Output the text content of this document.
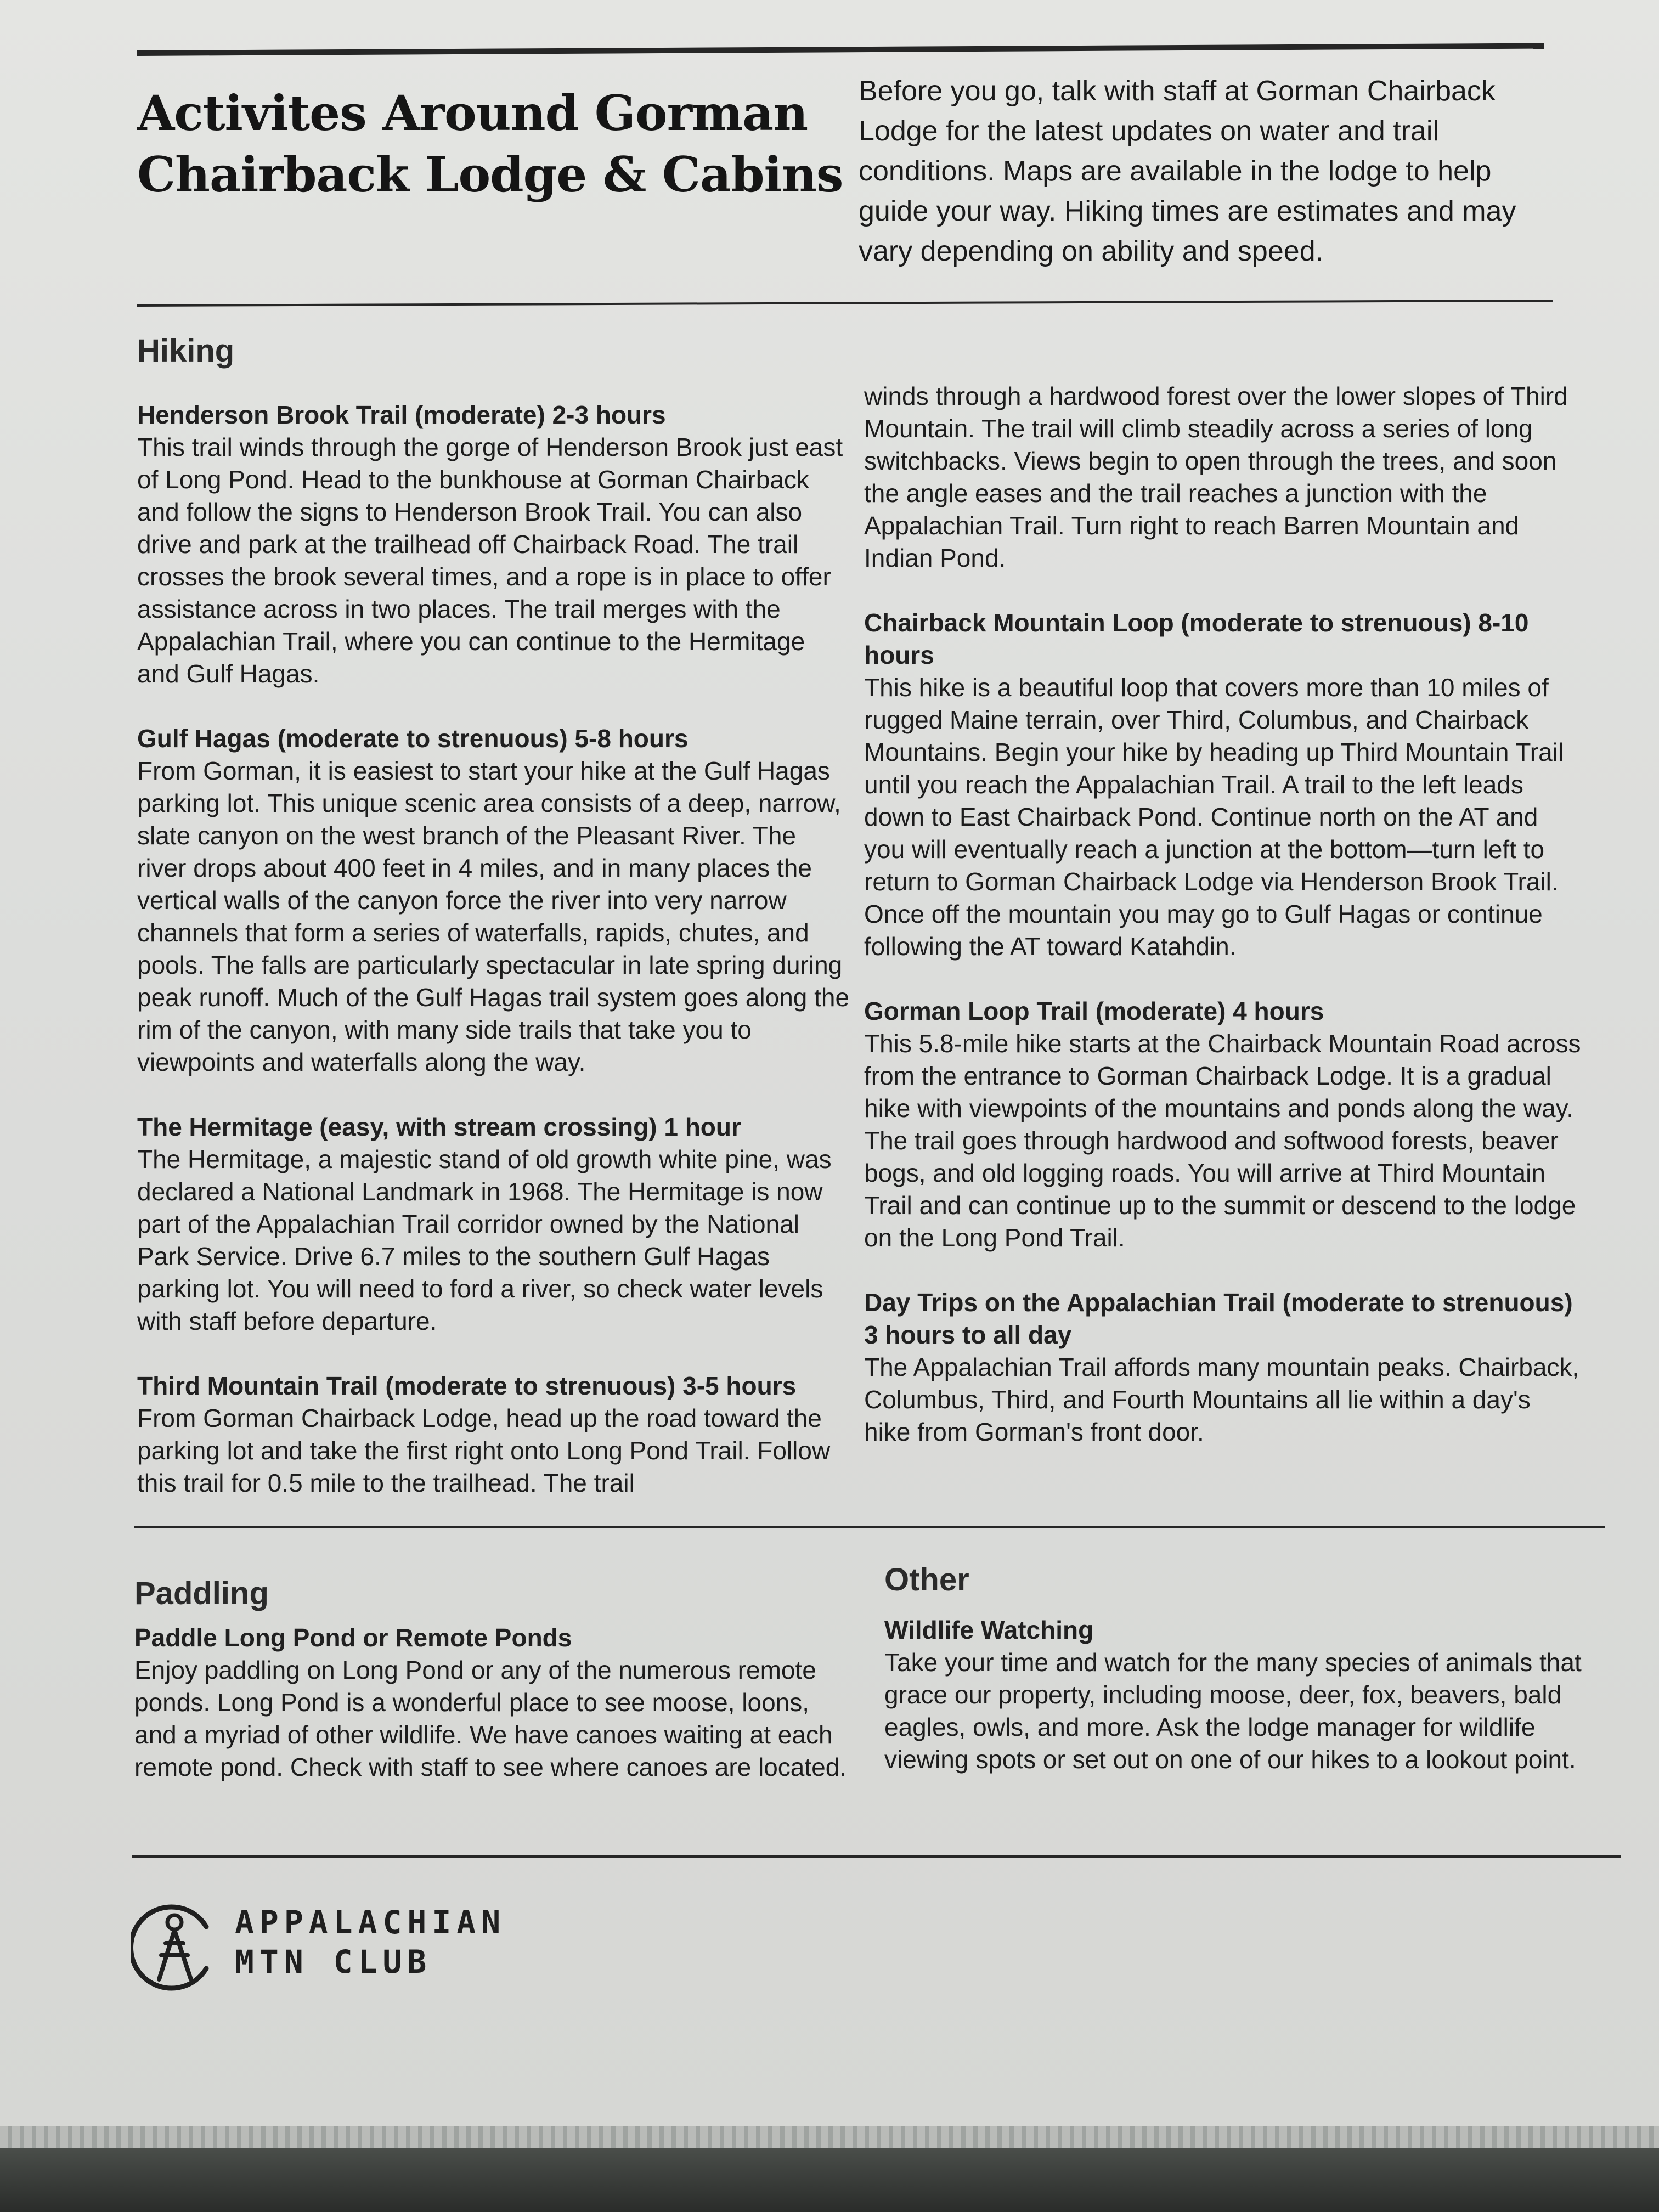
Activites Around Gorman
Chairback Lodge & Cabins

Before you go, talk with staff at Gorman Chairback Lodge for the latest updates on water and trail conditions. Maps are available in the lodge to help guide your way. Hiking times are estimates and may vary depending on ability and speed.

Hiking
Henderson Brook Trail (moderate) 2-3 hours
This trail winds through the gorge of Henderson Brook just east of Long Pond. Head to the bunkhouse at Gorman Chairback and follow the signs to Henderson Brook Trail. You can also drive and park at the trailhead off Chairback Road. The trail crosses the brook several times, and a rope is in place to offer assistance across in two places. The trail merges with the Appalachian Trail, where you can continue to the Hermitage and Gulf Hagas.
Gulf Hagas (moderate to strenuous) 5-8 hours
From Gorman, it is easiest to start your hike at the Gulf Hagas parking lot. This unique scenic area consists of a deep, narrow, slate canyon on the west branch of the Pleasant River. The river drops about 400 feet in 4 miles, and in many places the vertical walls of the canyon force the river into very narrow channels that form a series of waterfalls, rapids, chutes, and pools. The falls are particularly spectacular in late spring during peak runoff. Much of the Gulf Hagas trail system goes along the rim of the canyon, with many side trails that take you to viewpoints and waterfalls along the way.
The Hermitage (easy, with stream crossing) 1 hour
The Hermitage, a majestic stand of old growth white pine, was declared a National Landmark in 1968. The Hermitage is now part of the Appalachian Trail corridor owned by the National Park Service. Drive 6.7 miles to the southern Gulf Hagas parking lot. You will need to ford a river, so check water levels with staff before departure.
Third Mountain Trail (moderate to strenuous) 3-5 hours
From Gorman Chairback Lodge, head up the road toward the parking lot and take the first right onto Long Pond Trail. Follow this trail for 0.5 mile to the trailhead. The trail
winds through a hardwood forest over the lower slopes of Third Mountain. The trail will climb steadily across a series of long switchbacks. Views begin to open through the trees, and soon the angle eases and the trail reaches a junction with the Appalachian Trail. Turn right to reach Barren Mountain and Indian Pond.
Chairback Mountain Loop (moderate to strenuous) 8-10 hours
This hike is a beautiful loop that covers more than 10 miles of rugged Maine terrain, over Third, Columbus, and Chairback Mountains. Begin your hike by heading up Third Mountain Trail until you reach the Appalachian Trail. A trail to the left leads down to East Chairback Pond. Continue north on the AT and you will eventually reach a junction at the bottom—turn left to return to Gorman Chairback Lodge via Henderson Brook Trail. Once off the mountain you may go to Gulf Hagas or continue following the AT toward Katahdin.
Gorman Loop Trail (moderate) 4 hours
This 5.8-mile hike starts at the Chairback Mountain Road across from the entrance to Gorman Chairback Lodge. It is a gradual hike with viewpoints of the mountains and ponds along the way. The trail goes through hardwood and softwood forests, beaver bogs, and old logging roads. You will arrive at Third Mountain Trail and can continue up to the summit or descend to the lodge on the Long Pond Trail.
Day Trips on the Appalachian Trail (moderate to strenuous) 3 hours to all day
The Appalachian Trail affords many mountain peaks. Chairback, Columbus, Third, and Fourth Mountains all lie within a day's hike from Gorman's front door.
Paddling
Paddle Long Pond or Remote Ponds
Enjoy paddling on Long Pond or any of the numerous remote ponds. Long Pond is a wonderful place to see moose, loons, and a myriad of other wildlife. We have canoes waiting at each remote pond. Check with staff to see where canoes are located.
Other
Wildlife Watching
Take your time and watch for the many species of animals that grace our property, including moose, deer, fox, beavers, bald eagles, owls, and more. Ask the lodge manager for wildlife viewing spots or set out on one of our hikes to a lookout point.
APPALACHIAN
MTN CLUB
